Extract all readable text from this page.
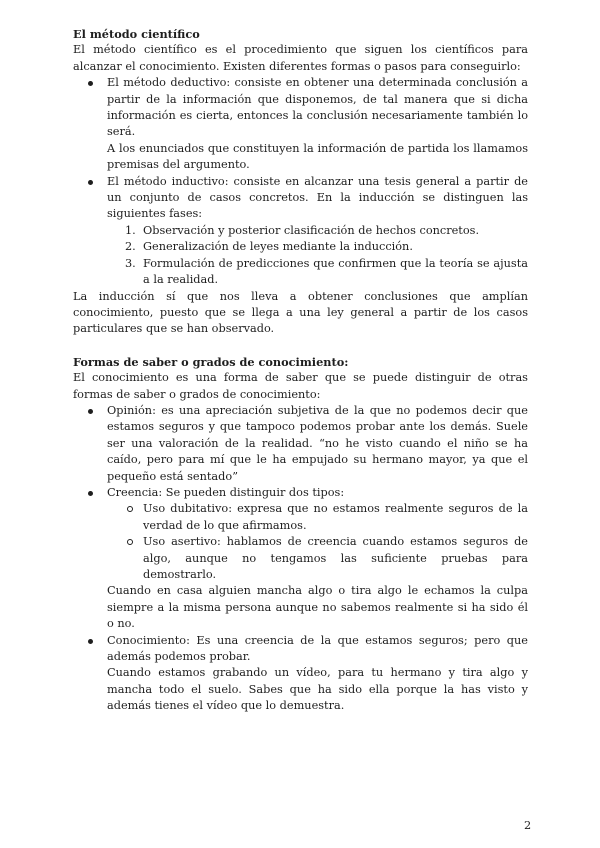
El método científico

El método científico es el procedimiento que siguen los científicos para alcanzar el conocimiento. Existen diferentes formas o pasos para conseguirlo:

El método deductivo: consiste en obtener una determinada conclusión a partir de la información que disponemos, de tal manera que si dicha información es cierta, entonces la conclusión necesariamente también lo será.

A los enunciados que constituyen la información de partida los llamamos premisas del argumento.

El método inductivo: consiste en alcanzar una tesis general a partir de un conjunto de casos concretos. En la inducción se distinguen las siguientes fases:

1. Observación y posterior clasificación de hechos concretos.

2. Generalización de leyes mediante la inducción.

3. Formulación de predicciones que confirmen que la teoría se ajusta a la realidad.

La inducción sí que nos lleva a obtener conclusiones que amplían conocimiento, puesto que se llega a una ley general a partir de los casos particulares que se han observado.

Formas de saber o grados de conocimiento:

El conocimiento es una forma de saber que se puede distinguir de otras formas de saber o grados de conocimiento:

Opinión: es una apreciación subjetiva de la que no podemos decir que estamos seguros y que tampoco podemos probar ante los demás. Suele ser una valoración de la realidad. “no he visto cuando el niño se ha caído, pero para mí que le ha empujado su hermano mayor, ya que el pequeño está sentado”

Creencia: Se pueden distinguir dos tipos:

Uso dubitativo: expresa que no estamos realmente seguros de la verdad de lo que afirmamos.

Uso asertivo: hablamos de creencia cuando estamos seguros de algo, aunque no tengamos las suficiente pruebas para demostrarlo.

Cuando en casa alguien mancha algo o tira algo le echamos la culpa siempre a la misma persona aunque no sabemos realmente si ha sido él o no.

Conocimiento: Es una creencia de la que estamos seguros; pero que además podemos probar.

Cuando estamos grabando un vídeo, para tu hermano y tira algo y mancha todo el suelo. Sabes que ha sido ella porque la has visto y además tienes el vídeo que lo demuestra.

2
